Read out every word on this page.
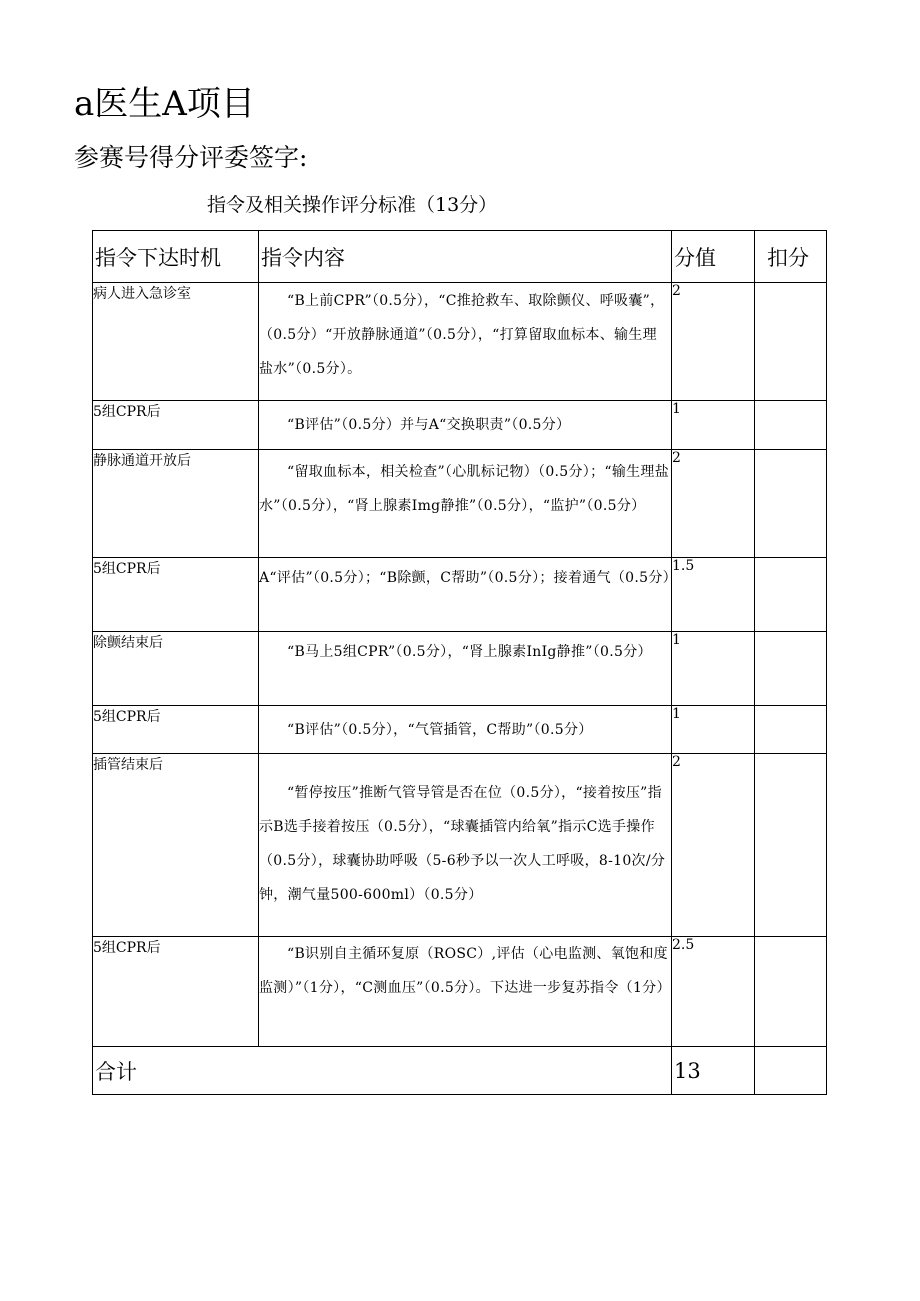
a医生A项目
参赛号得分评委签字:
指令及相关操作评分标准（13分）
指令下达时机	指令内容	分值	扣分
病人进入急诊室	“B上前CPR”（0.5分），“C推抢救车、取除颤仪、呼吸囊”，（0.5分）“开放静脉通道”（0.5分），“打算留取血标本、输生理盐水”（0.5分）。	2	
5组CPR后	“B评估”（0.5分）并与A“交换职责”（0.5分）	1	
静脉通道开放后	“留取血标本，相关检查”（心肌标记物）（0.5分）；“输生理盐水”（0.5分），“肾上腺素Img静推”（0.5分），“监护”（0.5分）	2	
5组CPR后	A“评估”（0.5分）；“B除颤，C帮助”（0.5分）；接着通气（0.5分）	1.5	
除颤结束后	“B马上5组CPR”（0.5分），“肾上腺素InIg静推”（0.5分）	1	
5组CPR后	“B评估”（0.5分），“气管插管，C帮助”（0.5分）	1	
插管结束后	“暂停按压”推断气管导管是否在位（0.5分），“接着按压”指示B选手接着按压（0.5分），“球囊插管内给氧”指示C选手操作（0.5分），球囊协助呼吸（5-6秒予以一次人工呼吸，8-10次/分钟，潮气量500-600ml）（0.5分）	2	
5组CPR后	“B识别自主循环复原（ROSC）,评估（心电监测、氧饱和度监测）”（1分），“C测血压”（0.5分）。下达进一步复苏指令（1分）	2.5	
合计		13	
